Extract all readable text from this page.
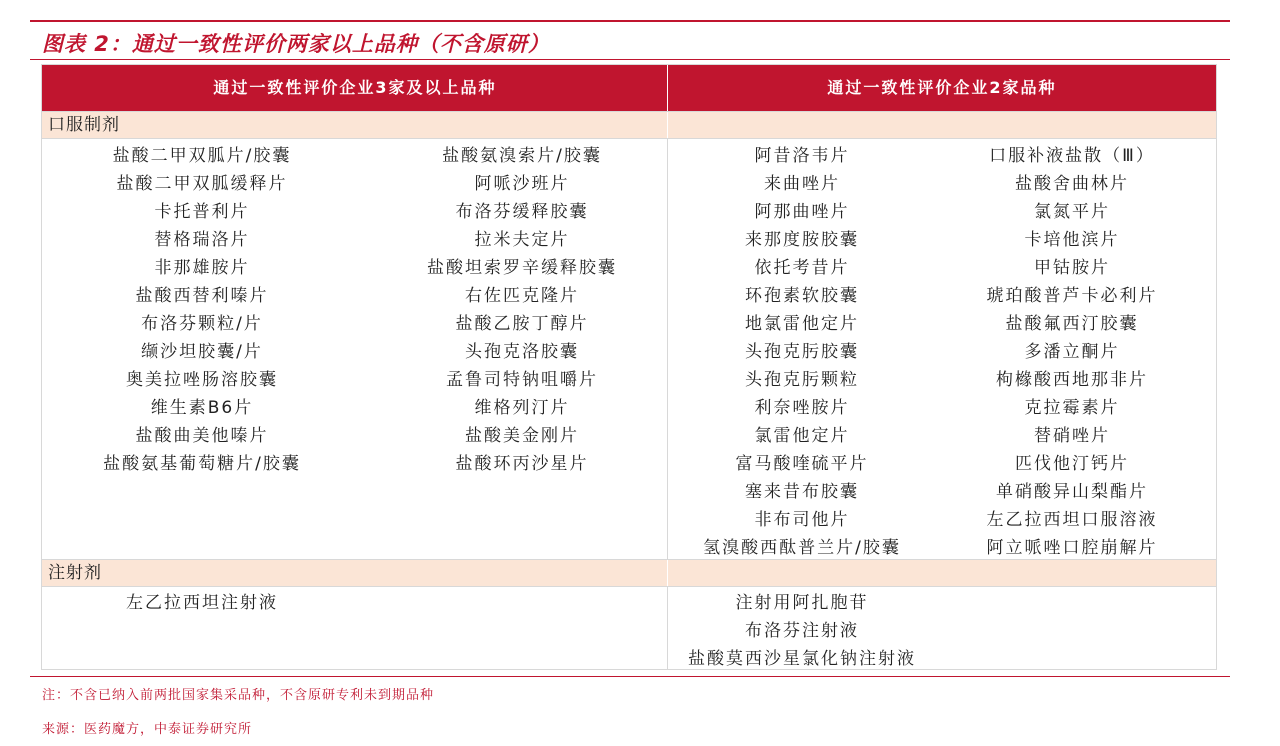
图表 2：通过一致性评价两家以上品种（不含原研）
通过一致性评价企业3家及以上品种	通过一致性评价企业2家品种
口服制剂
盐酸二甲双胍片/胶囊
盐酸二甲双胍缓释片
卡托普利片
替格瑞洛片
非那雄胺片
盐酸西替利嗪片
布洛芬颗粒/片
缬沙坦胶囊/片
奥美拉唑肠溶胶囊
维生素B6片
盐酸曲美他嗪片
盐酸氨基葡萄糖片/胶囊
盐酸氨溴索片/胶囊
阿哌沙班片
布洛芬缓释胶囊
拉米夫定片
盐酸坦索罗辛缓释胶囊
右佐匹克隆片
盐酸乙胺丁醇片
头孢克洛胶囊
孟鲁司特钠咀嚼片
维格列汀片
盐酸美金刚片
盐酸环丙沙星片
阿昔洛韦片
来曲唑片
阿那曲唑片
来那度胺胶囊
依托考昔片
环孢素软胶囊
地氯雷他定片
头孢克肟胶囊
头孢克肟颗粒
利奈唑胺片
氯雷他定片
富马酸喹硫平片
塞来昔布胶囊
非布司他片
氢溴酸西酞普兰片/胶囊
口服补液盐散（Ⅲ）
盐酸舍曲林片
氯氮平片
卡培他滨片
甲钴胺片
琥珀酸普芦卡必利片
盐酸氟西汀胶囊
多潘立酮片
枸橼酸西地那非片
克拉霉素片
替硝唑片
匹伐他汀钙片
单硝酸异山梨酯片
左乙拉西坦口服溶液
阿立哌唑口腔崩解片
注射剂
左乙拉西坦注射液	注射用阿扎胞苷
布洛芬注射液
盐酸莫西沙星氯化钠注射液
注：不含已纳入前两批国家集采品种，不含原研专利未到期品种
来源：医药魔方，中泰证券研究所
